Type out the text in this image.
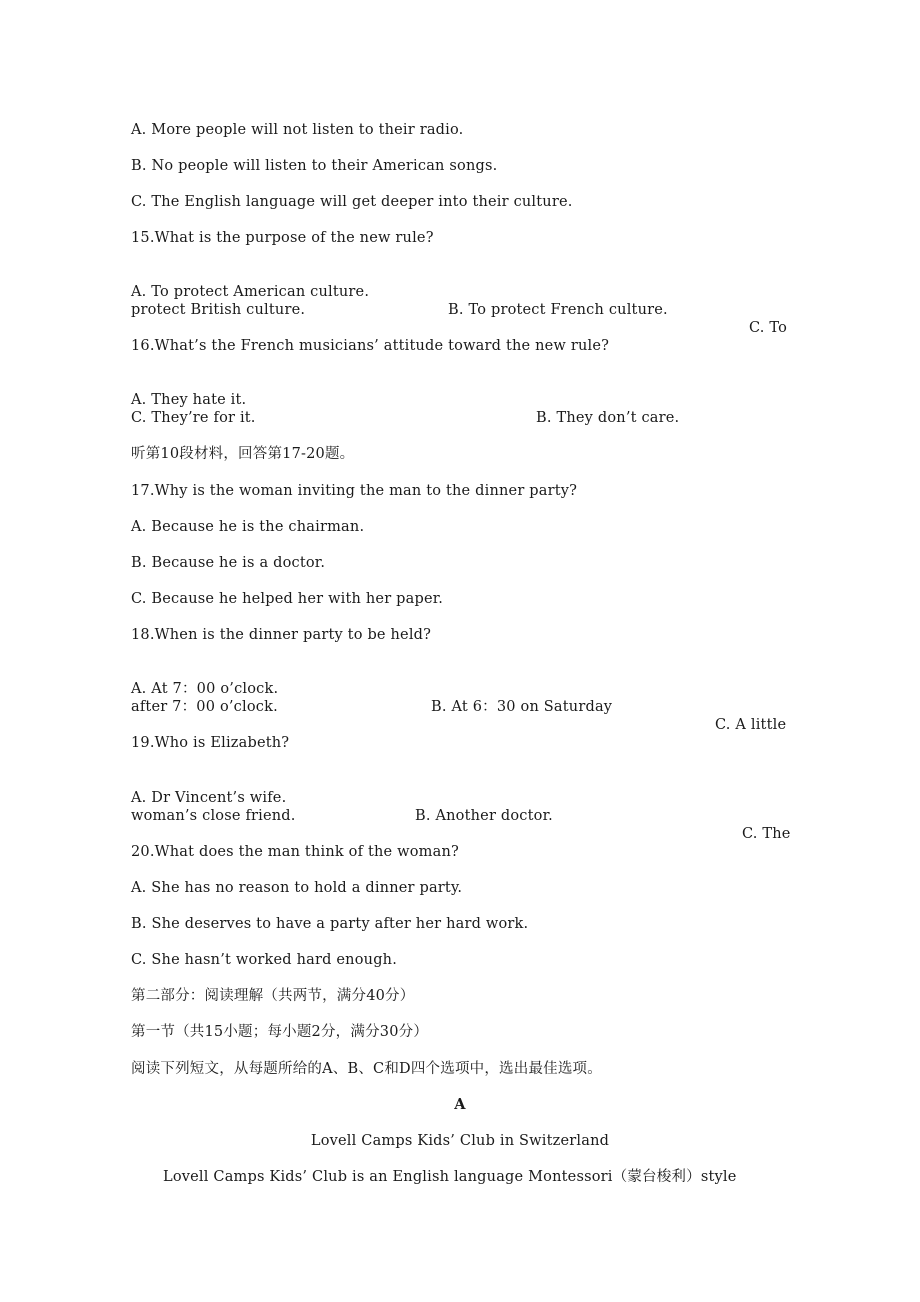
A. More people will not listen to their radio.
B. No people will listen to their American songs.
C. The English language will get deeper into their culture.
15.What is the purpose of the new rule?

A. To protect American culture.

B. To protect French culture.

C. To

protect British culture.
16.What’s the French musicians’ attitude toward the new rule?

A. They hate it.

B. They don’t care.

C. They’re for it.
听第10段材料，回答第17-20题。
17.Why is the woman inviting the man to the dinner party?
A. Because he is the chairman.
B. Because he is a doctor.
C. Because he helped her with her paper.
18.When is the dinner party to be held?

A. At 7：00 o’clock.

B. At 6：30 on Saturday

C. A little

after 7：00 o’clock.
19.Who is Elizabeth?

A. Dr Vincent’s wife.

B. Another doctor.

C. The

woman’s close friend.
20.What does the man think of the woman?
A. She has no reason to hold a dinner party.
B. She deserves to have a party after her hard work.
C. She hasn’t worked hard enough.
第二部分：阅读理解（共两节，满分40分）
第一节（共15小题；每小题2分，满分30分）
阅读下列短文，从每题所给的A、B、C和D四个选项中，选出最佳选项。
A
Lovell Camps Kids’ Club in Switzerland
Lovell Camps Kids’ Club is an English language Montessori（蒙台梭利）style
